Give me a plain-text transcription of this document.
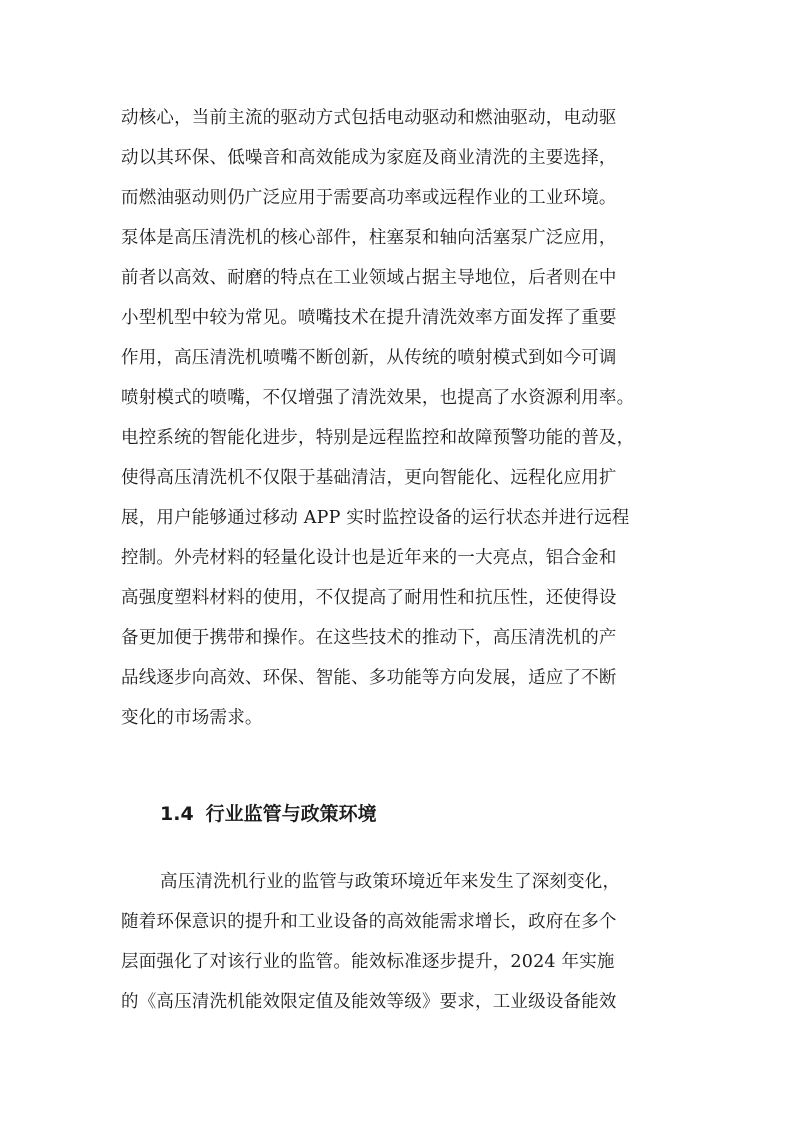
动核心，当前主流的驱动方式包括电动驱动和燃油驱动，电动驱
动以其环保、低噪音和高效能成为家庭及商业清洗的主要选择，
而燃油驱动则仍广泛应用于需要高功率或远程作业的工业环境。
泵体是高压清洗机的核心部件，柱塞泵和轴向活塞泵广泛应用，
前者以高效、耐磨的特点在工业领域占据主导地位，后者则在中
小型机型中较为常见。喷嘴技术在提升清洗效率方面发挥了重要
作用，高压清洗机喷嘴不断创新，从传统的喷射模式到如今可调
喷射模式的喷嘴，不仅增强了清洗效果，也提高了水资源利用率。
电控系统的智能化进步，特别是远程监控和故障预警功能的普及，
使得高压清洗机不仅限于基础清洁，更向智能化、远程化应用扩
展，用户能够通过移动 APP 实时监控设备的运行状态并进行远程
控制。外壳材料的轻量化设计也是近年来的一大亮点，铝合金和
高强度塑料材料的使用，不仅提高了耐用性和抗压性，还使得设
备更加便于携带和操作。在这些技术的推动下，高压清洗机的产
品线逐步向高效、环保、智能、多功能等方向发展，适应了不断
变化的市场需求。
1.4 行业监管与政策环境
高压清洗机行业的监管与政策环境近年来发生了深刻变化，
随着环保意识的提升和工业设备的高效能需求增长，政府在多个
层面强化了对该行业的监管。能效标准逐步提升，2024 年实施
的《高压清洗机能效限定值及能效等级》要求，工业级设备能效
